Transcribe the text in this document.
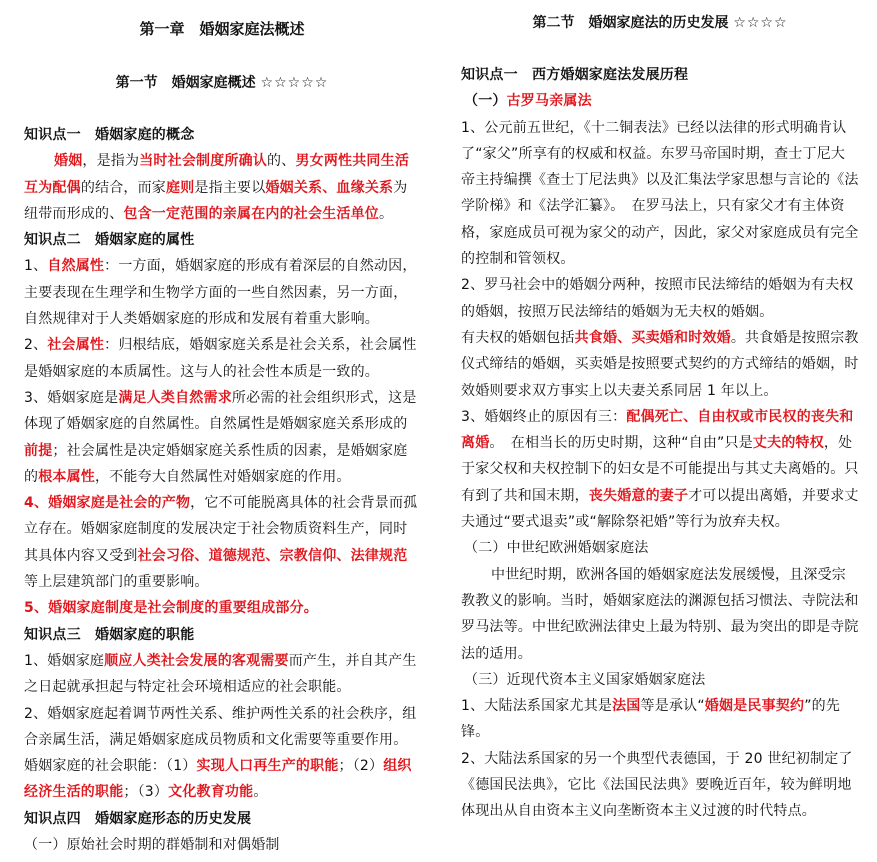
第一章　婚姻家庭法概述
第一节　婚姻家庭概述 ☆☆☆☆☆
知识点一　婚姻家庭的概念

婚姻，是指为当时社会制度所确认的、男女两性共同生活互为配偶的结合，而家庭则是指主要以婚姻关系、血缘关系为纽带而形成的、包含一定范围的亲属在内的社会生活单位。

知识点二　婚姻家庭的属性

1、自然属性：一方面，婚姻家庭的形成有着深层的自然动因，主要表现在生理学和生物学方面的一些自然因素，另一方面，自然规律对于人类婚姻家庭的形成和发展有着重大影响。

2、社会属性：归根结底，婚姻家庭关系是社会关系，社会属性是婚姻家庭的本质属性。这与人的社会性本质是一致的。

3、婚姻家庭是满足人类自然需求所必需的社会组织形式，这是体现了婚姻家庭的自然属性。自然属性是婚姻家庭关系形成的前提；社会属性是决定婚姻家庭关系性质的因素，是婚姻家庭的根本属性，不能夸大自然属性对婚姻家庭的作用。

4、婚姻家庭是社会的产物，它不可能脱离具体的社会背景而孤立存在。婚姻家庭制度的发展决定于社会物质资料生产，同时其具体内容又受到社会习俗、道德规范、宗教信仰、法律规范等上层建筑部门的重要影响。

5、婚姻家庭制度是社会制度的重要组成部分。

知识点三　婚姻家庭的职能

1、婚姻家庭顺应人类社会发展的客观需要而产生，并自其产生之日起就承担起与特定社会环境相适应的社会职能。

2、婚姻家庭起着调节两性关系、维护两性关系的社会秩序，组合亲属生活，满足婚姻家庭成员物质和文化需要等重要作用。　婚姻家庭的社会职能：（1）实现人口再生产的职能；（2）组织经济生活的职能；（3）文化教育功能。

知识点四　婚姻家庭形态的历史发展

（一）原始社会时期的群婚制和对偶婚制

第二节　婚姻家庭法的历史发展 ☆☆☆☆
知识点一　西方婚姻家庭法发展历程

（一）古罗马亲属法

1、公元前五世纪，《十二铜表法》已经以法律的形式明确肯认了“家父”所享有的权威和权益。东罗马帝国时期，查士丁尼大帝主持编撰《查士丁尼法典》以及汇集法学家思想与言论的《法学阶梯》和《法学汇纂》。　在罗马法上，只有家父才有主体资格，家庭成员可视为家父的动产，因此，家父对家庭成员有完全的控制和管领权。

2、罗马社会中的婚姻分两种，按照市民法缔结的婚姻为有夫权的婚姻，按照万民法缔结的婚姻为无夫权的婚姻。

有夫权的婚姻包括共食婚、买卖婚和时效婚。共食婚是按照宗教仪式缔结的婚姻，买卖婚是按照要式契约的方式缔结的婚姻，时效婚则要求双方事实上以夫妻关系同居 1 年以上。

3、婚姻终止的原因有三：配偶死亡、自由权或市民权的丧失和离婚。　在相当长的历史时期，这种“自由”只是丈夫的特权，处于家父权和夫权控制下的妇女是不可能提出与其丈夫离婚的。只有到了共和国末期，丧失婚意的妻子才可以提出离婚，并要求丈夫通过“要式退卖”或“解除祭祀婚”等行为放弃夫权。

（二）中世纪欧洲婚姻家庭法

中世纪时期，欧洲各国的婚姻家庭法发展缓慢，且深受宗教教义的影响。当时，婚姻家庭法的渊源包括习惯法、寺院法和罗马法等。中世纪欧洲法律史上最为特别、最为突出的即是寺院法的适用。

（三）近现代资本主义国家婚姻家庭法

1、大陆法系国家尤其是法国等是承认“婚姻是民事契约”的先锋。

2、大陆法系国家的另一个典型代表德国，于 20 世纪初制定了《德国民法典》，它比《法国民法典》要晚近百年，较为鲜明地体现出从自由资本主义向垄断资本主义过渡的时代特点。
